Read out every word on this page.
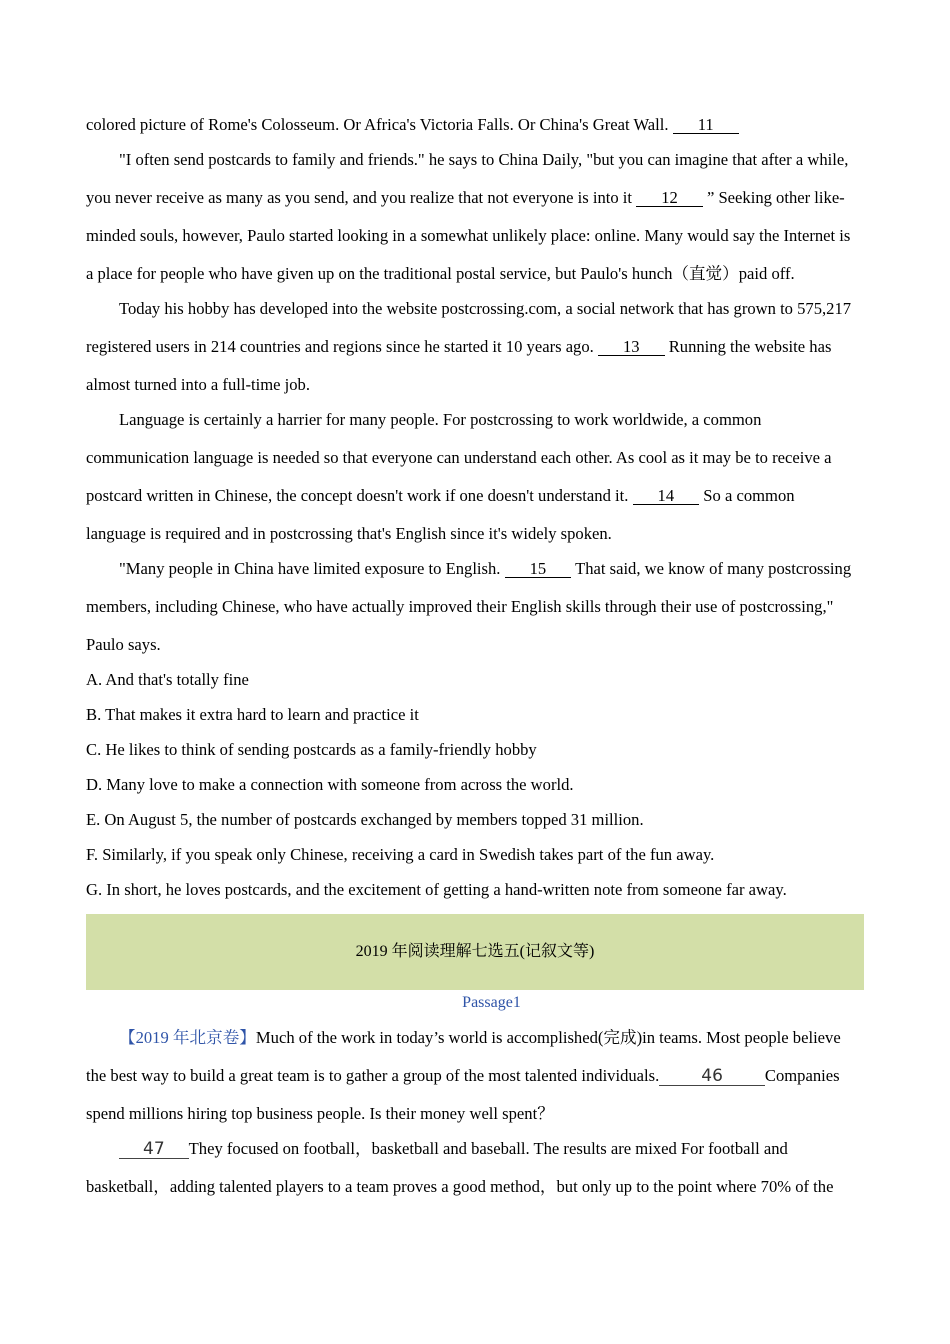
colored picture of Rome's Colosseum. Or Africa's Victoria Falls. Or China's Great Wall. 11
"I often send postcards to family and friends." he says to China Daily, "but you can imagine that after a while,
you never receive as many as you send, and you realize that not everyone is into it 12 ” Seeking other like-
minded souls, however, Paulo started looking in a somewhat unlikely place: online. Many would say the Internet is
a place for people who have given up on the traditional postal service, but Paulo's hunch（直觉）paid off.
Today his hobby has developed into the website postcrossing.com, a social network that has grown to 575,217
registered users in 214 countries and regions since he started it 10 years ago. 13 Running the website has
almost turned into a full-time job.
Language is certainly a harrier for many people. For postcrossing to work worldwide, a common
communication language is needed so that everyone can understand each other. As cool as it may be to receive a
postcard written in Chinese, the concept doesn't work if one doesn't understand it. 14 So a common
language is required and in postcrossing that's English since it's widely spoken.
"Many people in China have limited exposure to English. 15 That said, we know of many postcrossing
members, including Chinese, who have actually improved their English skills through their use of postcrossing,"
Paulo says.
A. And that's totally fine
B. That makes it extra hard to learn and practice it
C. He likes to think of sending postcards as a family-friendly hobby
D. Many love to make a connection with someone from across the world.
E. On August 5, the number of postcards exchanged by members topped 31 million.
F. Similarly, if you speak only Chinese, receiving a card in Swedish takes part of the fun away.
G. In short, he loves postcards, and the excitement of getting a hand-written note from someone far away.
2019 年阅读理解七选五(记叙文等)
Passage1
【2019 年北京卷】Much of the work in today’s world is accomplished(完成)in teams. Most people believe
the best way to build a great team is to gather a group of the most talented individuals. 46	Companies
spend millions hiring top business people. Is their money well spent？
47 They focused on football，basketball and baseball. The results are mixed For football and
basketball，adding talented players to a team proves a good method，but only up to the point where 70% of the
